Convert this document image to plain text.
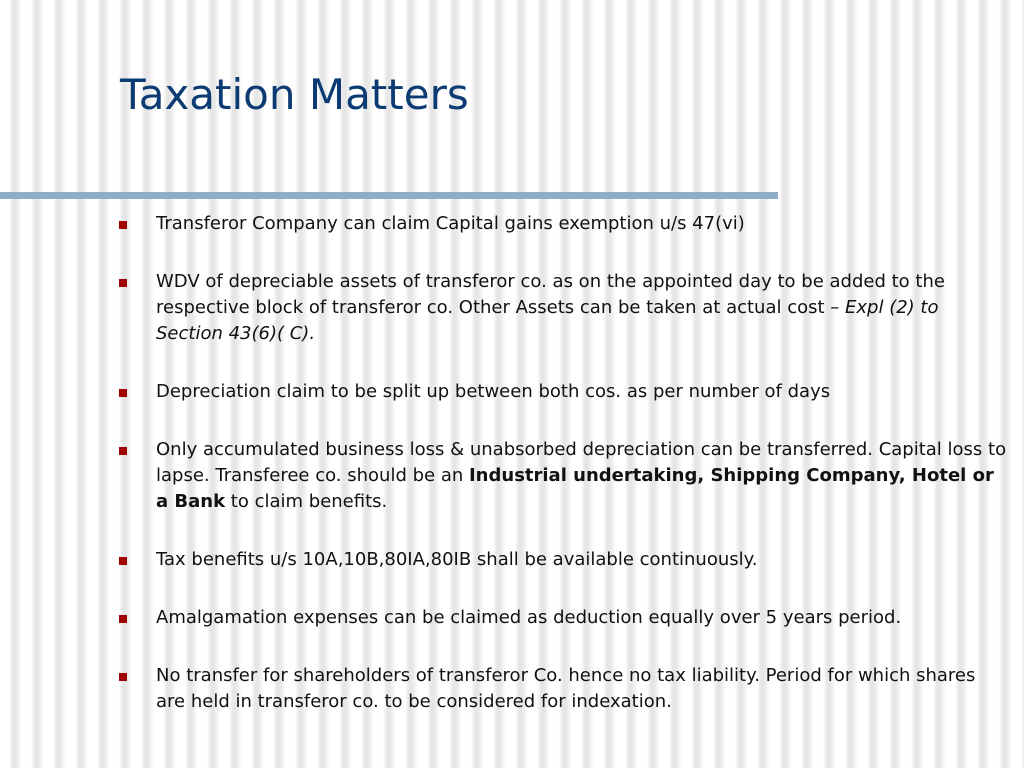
Taxation Matters
Transferor Company can claim Capital gains exemption u/s 47(vi)
WDV of depreciable assets of transferor co. as on the appointed day to be added to the respective block of transferor co. Other Assets can be taken at actual cost – Expl (2) to Section 43(6)( C).
Depreciation claim to be split up between both cos. as per number of days
Only accumulated business loss & unabsorbed depreciation can be transferred. Capital loss to lapse. Transferee co. should be an Industrial undertaking, Shipping Company, Hotel or a Bank to claim benefits.
Tax benefits u/s 10A,10B,80IA,80IB shall be available continuously.
Amalgamation expenses can be claimed as deduction equally over 5 years period.
No transfer for shareholders of transferor Co. hence no tax liability. Period for which shares are held in transferor co. to be considered for indexation.
